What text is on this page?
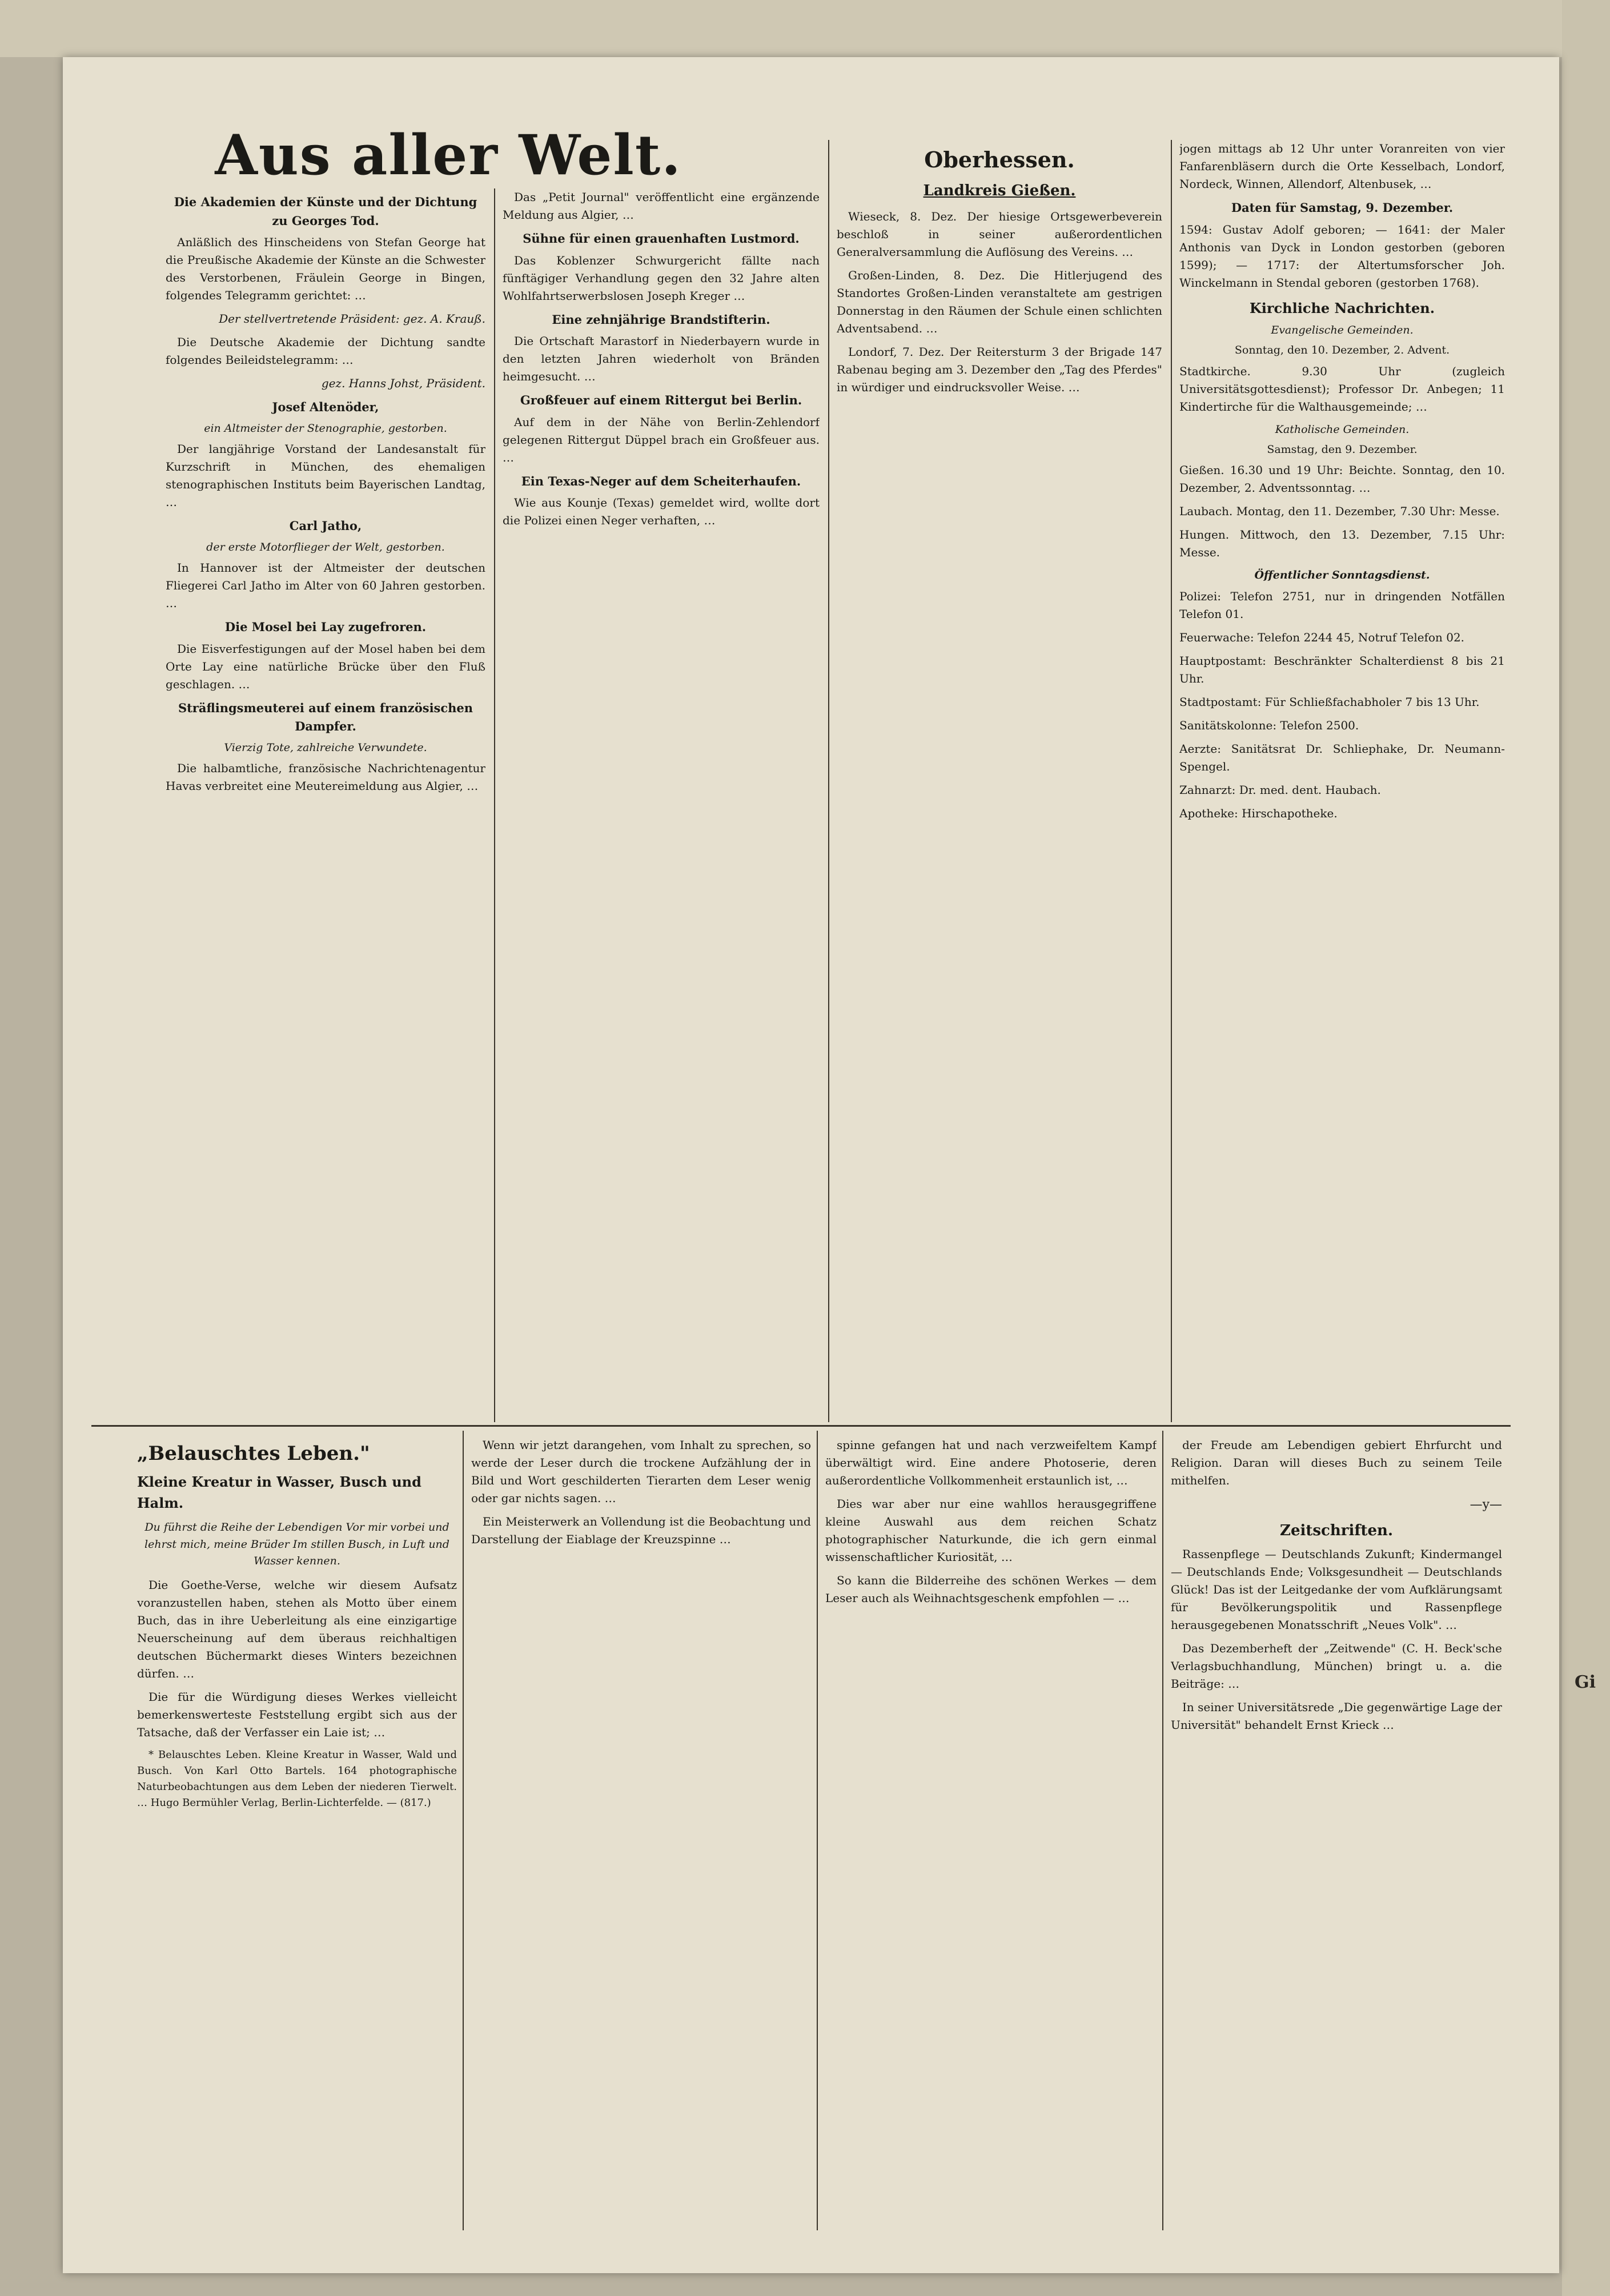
Gi
Aus aller Welt.
Die Akademien der Künste und der Dichtung zu Georges Tod.

Anläßlich des Hinscheidens von Stefan George hat die Preußische Akademie der Künste an die Schwester des Verstorbenen, Fräulein George in Bingen, folgendes Telegramm gerichtet: …

Der stellvertretende Präsident: gez. A. Krauß.

Die Deutsche Akademie der Dichtung sandte folgendes Beileidstelegramm: …

gez. Hanns Johst, Präsident.

Josef Altenöder,
ein Altmeister der Stenographie, gestorben.

Der langjährige Vorstand der Landesanstalt für Kurzschrift in München, des ehemaligen stenographischen Instituts beim Bayerischen Landtag, …

Carl Jatho,
der erste Motorflieger der Welt, gestorben.

In Hannover ist der Altmeister der deutschen Fliegerei Carl Jatho im Alter von 60 Jahren gestorben. …

Die Mosel bei Lay zugefroren.

Die Eisverfestigungen auf der Mosel haben bei dem Orte Lay eine natürliche Brücke über den Fluß geschlagen. …

Sträflingsmeuterei auf einem französischen Dampfer.
Vierzig Tote, zahlreiche Verwundete.

Die halbamtliche, französische Nachrichtenagentur Havas verbreitet eine Meutereimeldung aus Algier, …

Das „Petit Journal" veröffentlicht eine ergänzende Meldung aus Algier, …

Sühne für einen grauenhaften Lustmord.

Das Koblenzer Schwurgericht fällte nach fünftägiger Verhandlung gegen den 32 Jahre alten Wohlfahrtserwerbslosen Joseph Kreger …

Eine zehnjährige Brandstifterin.

Die Ortschaft Marastorf in Niederbayern wurde in den letzten Jahren wiederholt von Bränden heimgesucht. …

Großfeuer auf einem Rittergut bei Berlin.

Auf dem in der Nähe von Berlin-Zehlendorf gelegenen Rittergut Düppel brach ein Großfeuer aus. …

Ein Texas-Neger auf dem Scheiterhaufen.

Wie aus Kounje (Texas) gemeldet wird, wollte dort die Polizei einen Neger verhaften, …

Oberhessen.
Landkreis Gießen.

Wieseck, 8. Dez. Der hiesige Ortsgewerbeverein beschloß in seiner außerordentlichen Generalversammlung die Auflösung des Vereins. …

Großen-Linden, 8. Dez. Die Hitlerjugend des Standortes Großen-Linden veranstaltete am gestrigen Donnerstag in den Räumen der Schule einen schlichten Adventsabend. …

Londorf, 7. Dez. Der Reitersturm 3 der Brigade 147 Rabenau beging am 3. Dezember den „Tag des Pferdes" in würdiger und eindrucksvoller Weise. …

jogen mittags ab 12 Uhr unter Voranreiten von vier Fanfarenbläsern durch die Orte Kesselbach, Londorf, Nordeck, Winnen, Allendorf, Altenbusek, …

Daten für Samstag, 9. Dezember.

1594: Gustav Adolf geboren; — 1641: der Maler Anthonis van Dyck in London gestorben (geboren 1599); — 1717: der Altertumsforscher Joh. Winckelmann in Stendal geboren (gestorben 1768).

Kirchliche Nachrichten.
Evangelische Gemeinden.
Sonntag, den 10. Dezember, 2. Advent.

Stadtkirche. 9.30 Uhr (zugleich Universitätsgottesdienst); Professor Dr. Anbegen; 11 Kindertirche für die Walthausgemeinde; …

Katholische Gemeinden.
Samstag, den 9. Dezember.

Gießen. 16.30 und 19 Uhr: Beichte. Sonntag, den 10. Dezember, 2. Adventssonntag. …

Laubach. Montag, den 11. Dezember, 7.30 Uhr: Messe.

Hungen. Mittwoch, den 13. Dezember, 7.15 Uhr: Messe.

Öffentlicher Sonntagsdienst.

Polizei: Telefon 2751, nur in dringenden Notfällen Telefon 01.

Feuerwache: Telefon 2244 45, Notruf Telefon 02.

Hauptpostamt: Beschränkter Schalterdienst 8 bis 21 Uhr.

Stadtpostamt: Für Schließfachabholer 7 bis 13 Uhr.

Sanitätskolonne: Telefon 2500.

Aerzte: Sanitätsrat Dr. Schliephake, Dr. Neumann-Spengel.

Zahnarzt: Dr. med. dent. Haubach.

Apotheke: Hirschapotheke.

„Belauschtes Leben."
Kleine Kreatur in Wasser, Busch und Halm.
Du führst die Reihe der Lebendigen Vor mir vorbei und lehrst mich, meine Brüder Im stillen Busch, in Luft und Wasser kennen.

Die Goethe-Verse, welche wir diesem Aufsatz voranzustellen haben, stehen als Motto über einem Buch, das in ihre Ueberleitung als eine einzigartige Neuerscheinung auf dem überaus reichhaltigen deutschen Büchermarkt dieses Winters bezeichnen dürfen. …

Die für die Würdigung dieses Werkes vielleicht bemerkenswerteste Feststellung ergibt sich aus der Tatsache, daß der Verfasser ein Laie ist; …

* Belauschtes Leben. Kleine Kreatur in Wasser, Wald und Busch. Von Karl Otto Bartels. 164 photographische Naturbeobachtungen aus dem Leben der niederen Tierwelt. … Hugo Bermühler Verlag, Berlin-Lichterfelde. — (817.)

Wenn wir jetzt darangehen, vom Inhalt zu sprechen, so werde der Leser durch die trockene Aufzählung der in Bild und Wort geschilderten Tierarten dem Leser wenig oder gar nichts sagen. …

Ein Meisterwerk an Vollendung ist die Beobachtung und Darstellung der Eiablage der Kreuzspinne …

spinne gefangen hat und nach verzweifeltem Kampf überwältigt wird. Eine andere Photoserie, deren außerordentliche Vollkommenheit erstaunlich ist, …

Dies war aber nur eine wahllos herausgegriffene kleine Auswahl aus dem reichen Schatz photographischer Naturkunde, die ich gern einmal wissenschaftlicher Kuriosität, …

So kann die Bilderreihe des schönen Werkes — dem Leser auch als Weihnachtsgeschenk empfohlen — …

der Freude am Lebendigen gebiert Ehrfurcht und Religion. Daran will dieses Buch zu seinem Teile mithelfen.

—y—
Zeitschriften.

Rassenpflege — Deutschlands Zukunft; Kindermangel — Deutschlands Ende; Volksgesundheit — Deutschlands Glück! Das ist der Leitgedanke der vom Aufklärungsamt für Bevölkerungspolitik und Rassenpflege herausgegebenen Monatsschrift „Neues Volk". …

Das Dezemberheft der „Zeitwende" (C. H. Beck'sche Verlagsbuchhandlung, München) bringt u. a. die Beiträge: …

In seiner Universitätsrede „Die gegenwärtige Lage der Universität" behandelt Ernst Krieck …
